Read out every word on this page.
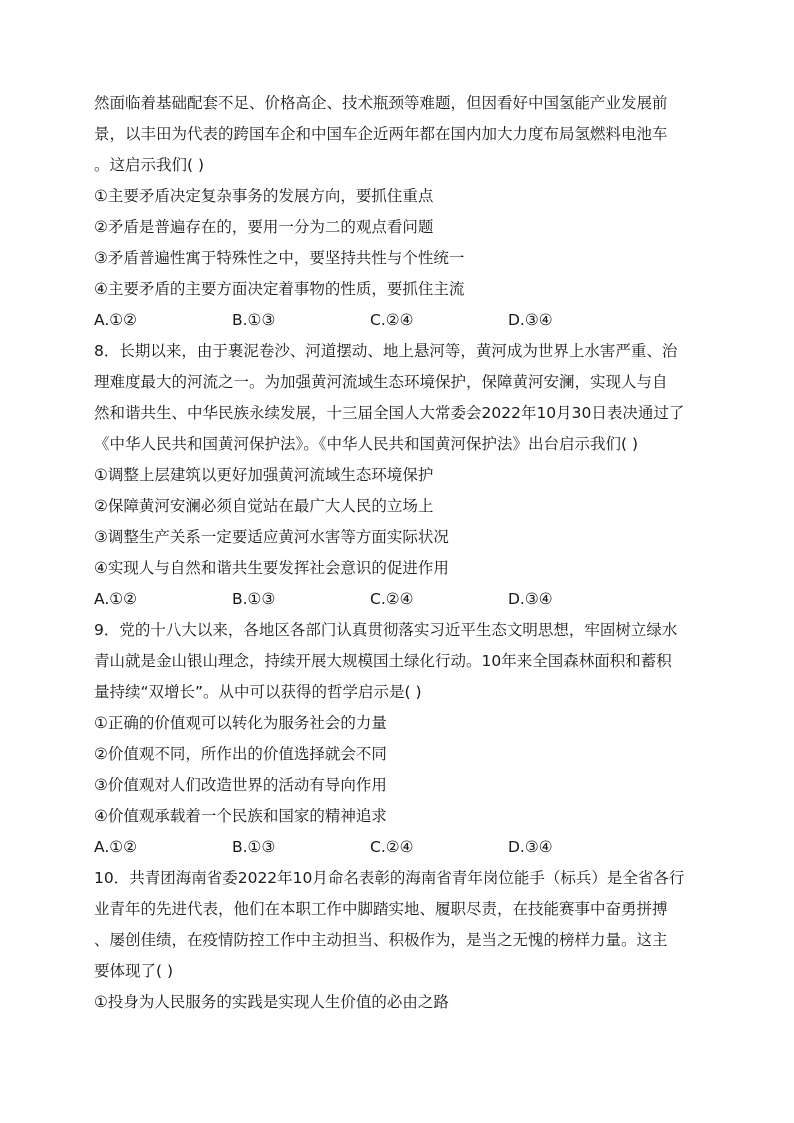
然面临着基础配套不足、价格高企、技术瓶颈等难题，但因看好中国氢能产业发展前
景，以丰田为代表的跨国车企和中国车企近两年都在国内加大力度布局氢燃料电池车
。这启示我们( )
①主要矛盾决定复杂事务的发展方向，要抓住重点
②矛盾是普遍存在的，要用一分为二的观点看问题
③矛盾普遍性寓于特殊性之中，要坚持共性与个性统一
④主要矛盾的主要方面决定着事物的性质，要抓住主流
A.①②	B.①③	C.②④	D.③④
8．长期以来，由于裹泥卷沙、河道摆动、地上悬河等，黄河成为世界上水害严重、治
理难度最大的河流之一。为加强黄河流域生态环境保护，保障黄河安澜，实现人与自
然和谐共生、中华民族永续发展，十三届全国人大常委会2022年10月30日表决通过了
《中华人民共和国黄河保护法》。《中华人民共和国黄河保护法》出台启示我们( )
①调整上层建筑以更好加强黄河流域生态环境保护
②保障黄河安澜必须自觉站在最广大人民的立场上
③调整生产关系一定要适应黄河水害等方面实际状况
④实现人与自然和谐共生要发挥社会意识的促进作用
A.①②	B.①③	C.②④	D.③④
9．党的十八大以来，各地区各部门认真贯彻落实习近平生态文明思想，牢固树立绿水
青山就是金山银山理念，持续开展大规模国土绿化行动。10年来全国森林面积和蓄积
量持续“双增长”。从中可以获得的哲学启示是( )
①正确的价值观可以转化为服务社会的力量
②价值观不同，所作出的价值选择就会不同
③价值观对人们改造世界的活动有导向作用
④价值观承载着一个民族和国家的精神追求
A.①②	B.①③	C.②④	D.③④
10．共青团海南省委2022年10月命名表彰的海南省青年岗位能手（标兵）是全省各行
业青年的先进代表，他们在本职工作中脚踏实地、履职尽责，在技能赛事中奋勇拼搏
、屡创佳绩，在疫情防控工作中主动担当、积极作为，是当之无愧的榜样力量。这主
要体现了( )
①投身为人民服务的实践是实现人生价值的必由之路
